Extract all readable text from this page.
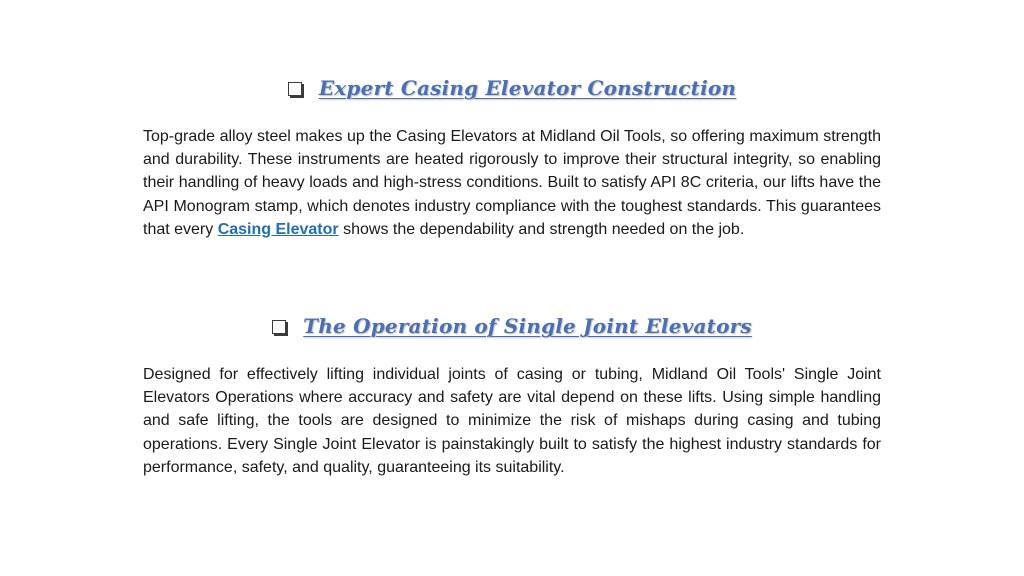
Expert Casing Elevator Construction

Top-grade alloy steel makes up the Casing Elevators at Midland Oil Tools, so offering maximum strength and durability. These instruments are heated rigorously to improve their structural integrity, so enabling their handling of heavy loads and high-stress conditions. Built to satisfy API 8C criteria, our lifts have the API Monogram stamp, which denotes industry compliance with the toughest standards. This guarantees that every Casing Elevator shows the dependability and strength needed on the job.

The Operation of Single Joint Elevators

Designed for effectively lifting individual joints of casing or tubing, Midland Oil Tools' Single Joint Elevators Operations where accuracy and safety are vital depend on these lifts. Using simple handling and safe lifting, the tools are designed to minimize the risk of mishaps during casing and tubing operations. Every Single Joint Elevator is painstakingly built to satisfy the highest industry standards for performance, safety, and quality, guaranteeing its suitability.
